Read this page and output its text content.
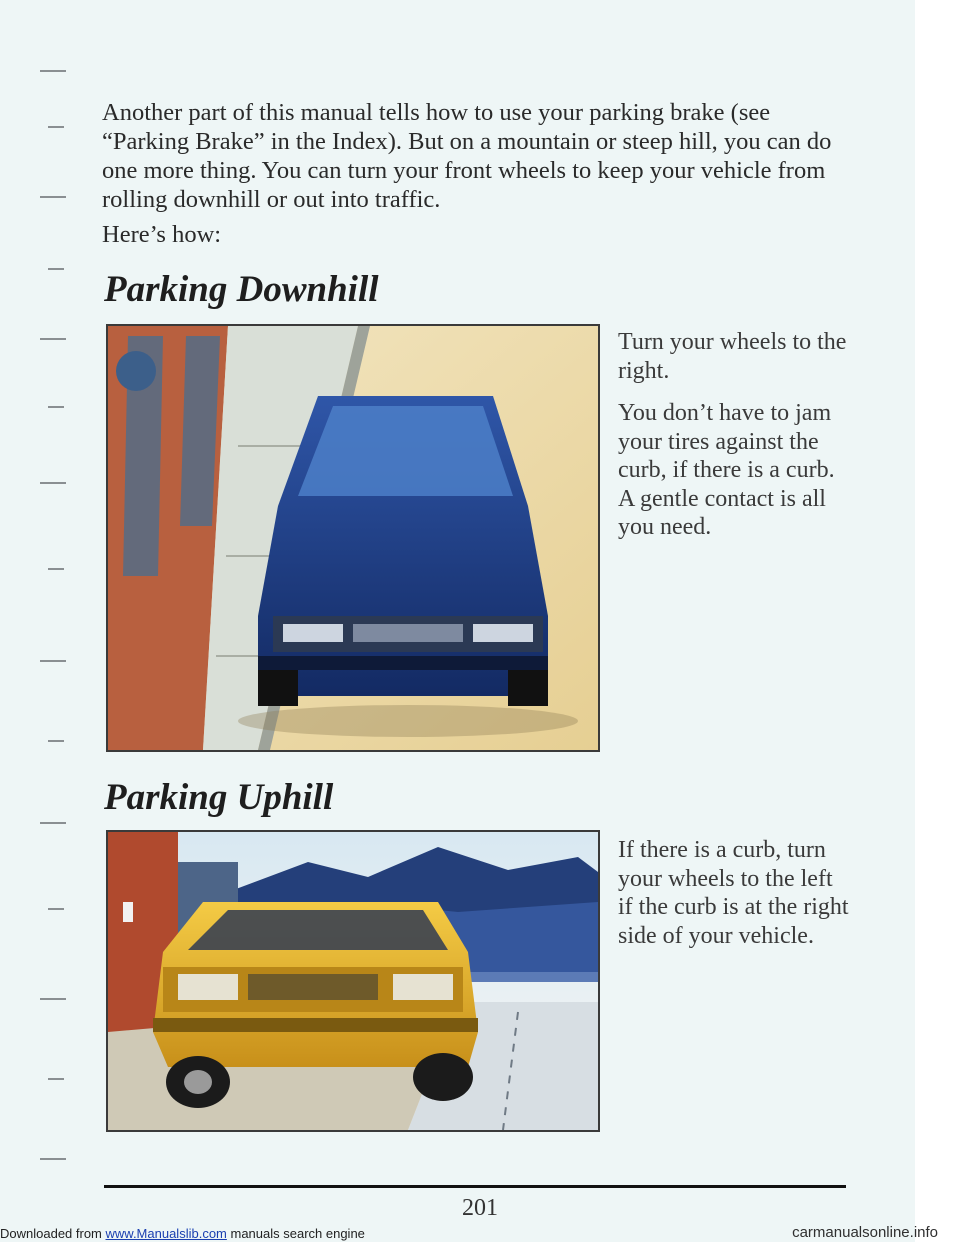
Another part of this manual tells how to use your parking brake (see “Parking Brake” in the Index). But on a mountain or steep hill, you can do one more thing. You can turn your front wheels to keep your vehicle from rolling downhill or out into traffic.

Here’s how:

Parking Downhill

Turn your wheels to the right.

You don’t have to jam your tires against the curb, if there is a curb. A gentle contact is all you need.

Parking Uphill

If there is a curb, turn your wheels to the left if the curb is at the right side of your vehicle.

201
Downloaded from www.Manualslib.com manuals search engine	carmanualsonline.info
